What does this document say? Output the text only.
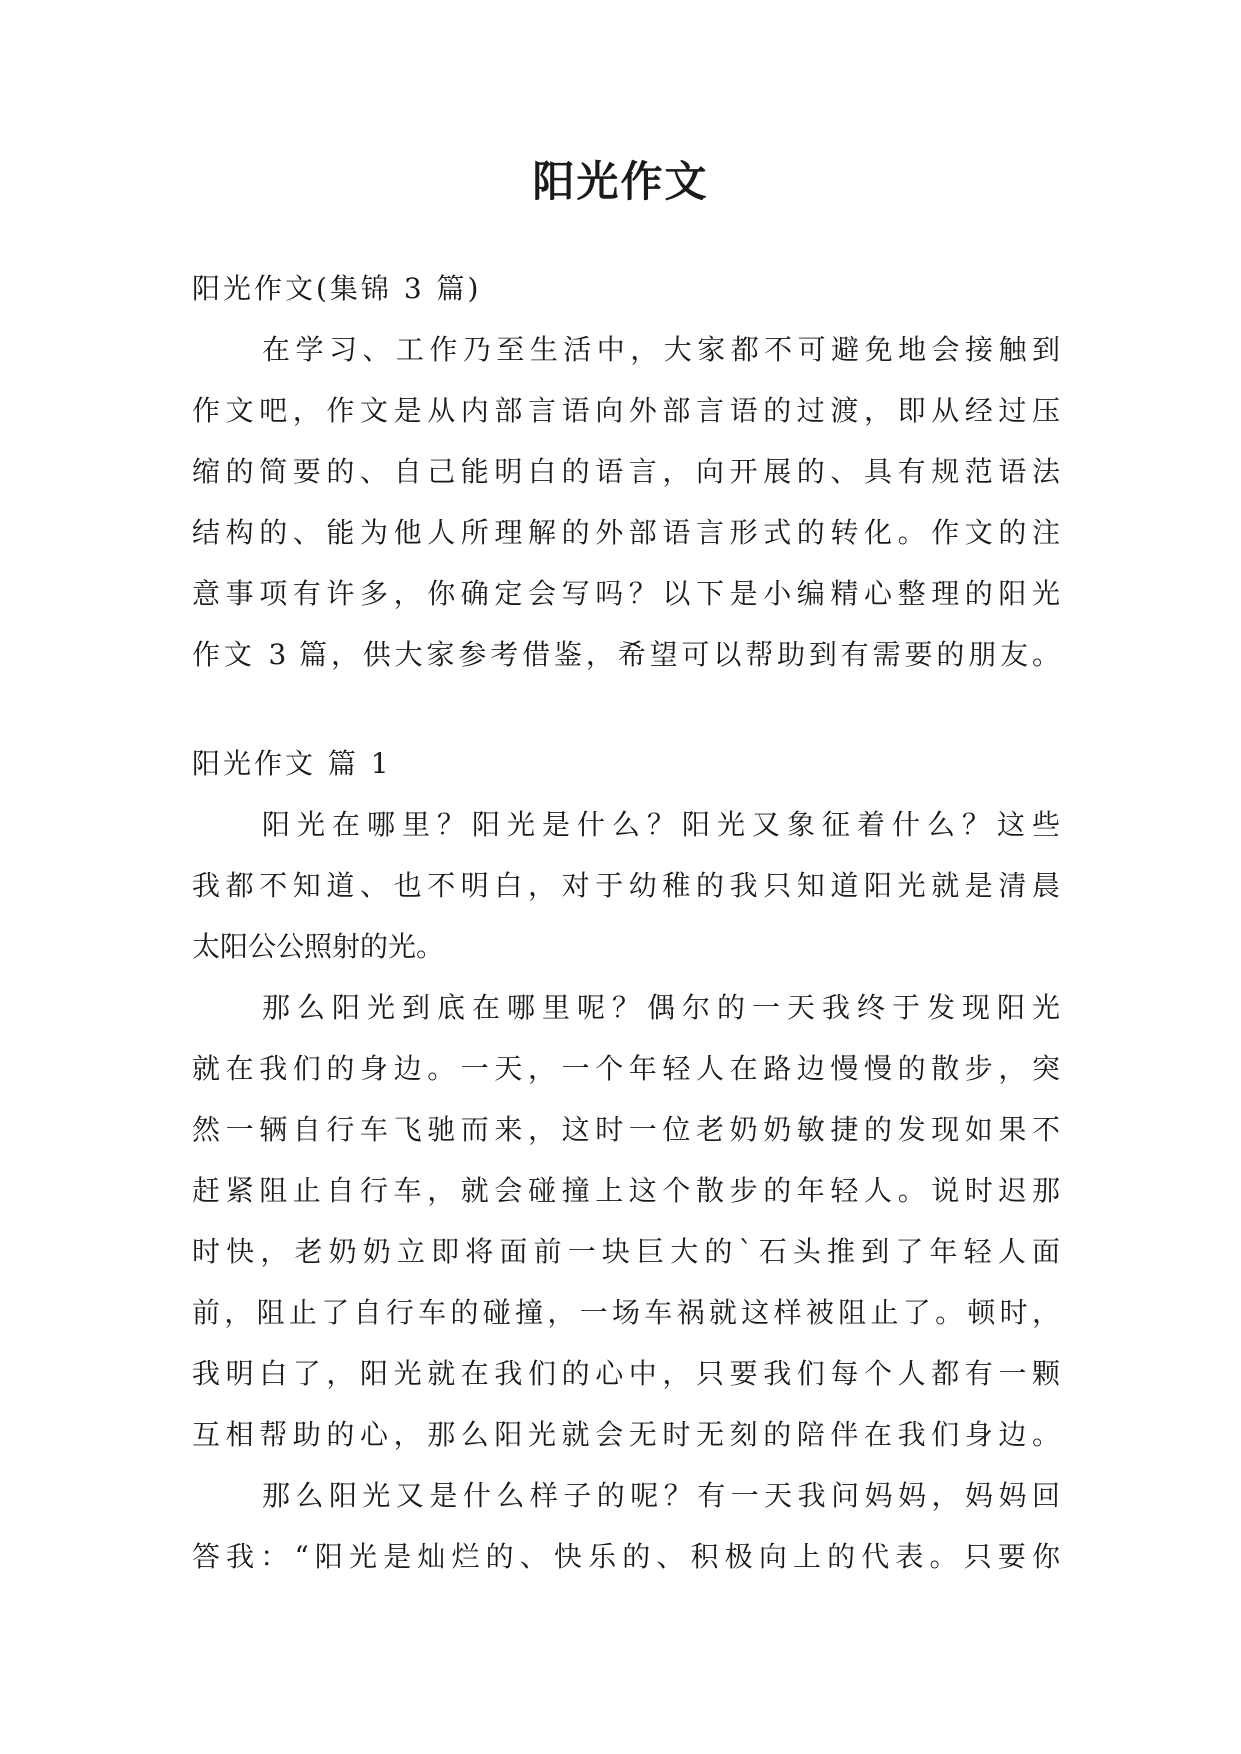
阳光作文
阳光作文(集锦 3 篇)
在学习、工作乃至生活中，大家都不可避免地会接触到
作文吧，作文是从内部言语向外部言语的过渡，即从经过压
缩的简要的、自己能明白的语言，向开展的、具有规范语法
结构的、能为他人所理解的外部语言形式的转化。作文的注
意事项有许多，你确定会写吗？以下是小编精心整理的阳光
作文 3 篇，供大家参考借鉴，希望可以帮助到有需要的朋友。
阳光作文 篇 1
阳光在哪里？阳光是什么？阳光又象征着什么？这些
我都不知道、也不明白，对于幼稚的我只知道阳光就是清晨
太阳公公照射的光。
那么阳光到底在哪里呢？偶尔的一天我终于发现阳光
就在我们的身边。一天，一个年轻人在路边慢慢的散步，突
然一辆自行车飞驰而来，这时一位老奶奶敏捷的发现如果不
赶紧阻止自行车，就会碰撞上这个散步的年轻人。说时迟那
时快，老奶奶立即将面前一块巨大的`石头推到了年轻人面
前，阻止了自行车的碰撞，一场车祸就这样被阻止了。顿时，
我明白了，阳光就在我们的心中，只要我们每个人都有一颗
互相帮助的心，那么阳光就会无时无刻的陪伴在我们身边。
那么阳光又是什么样子的呢？有一天我问妈妈，妈妈回
答我：“阳光是灿烂的、快乐的、积极向上的代表。只要你
